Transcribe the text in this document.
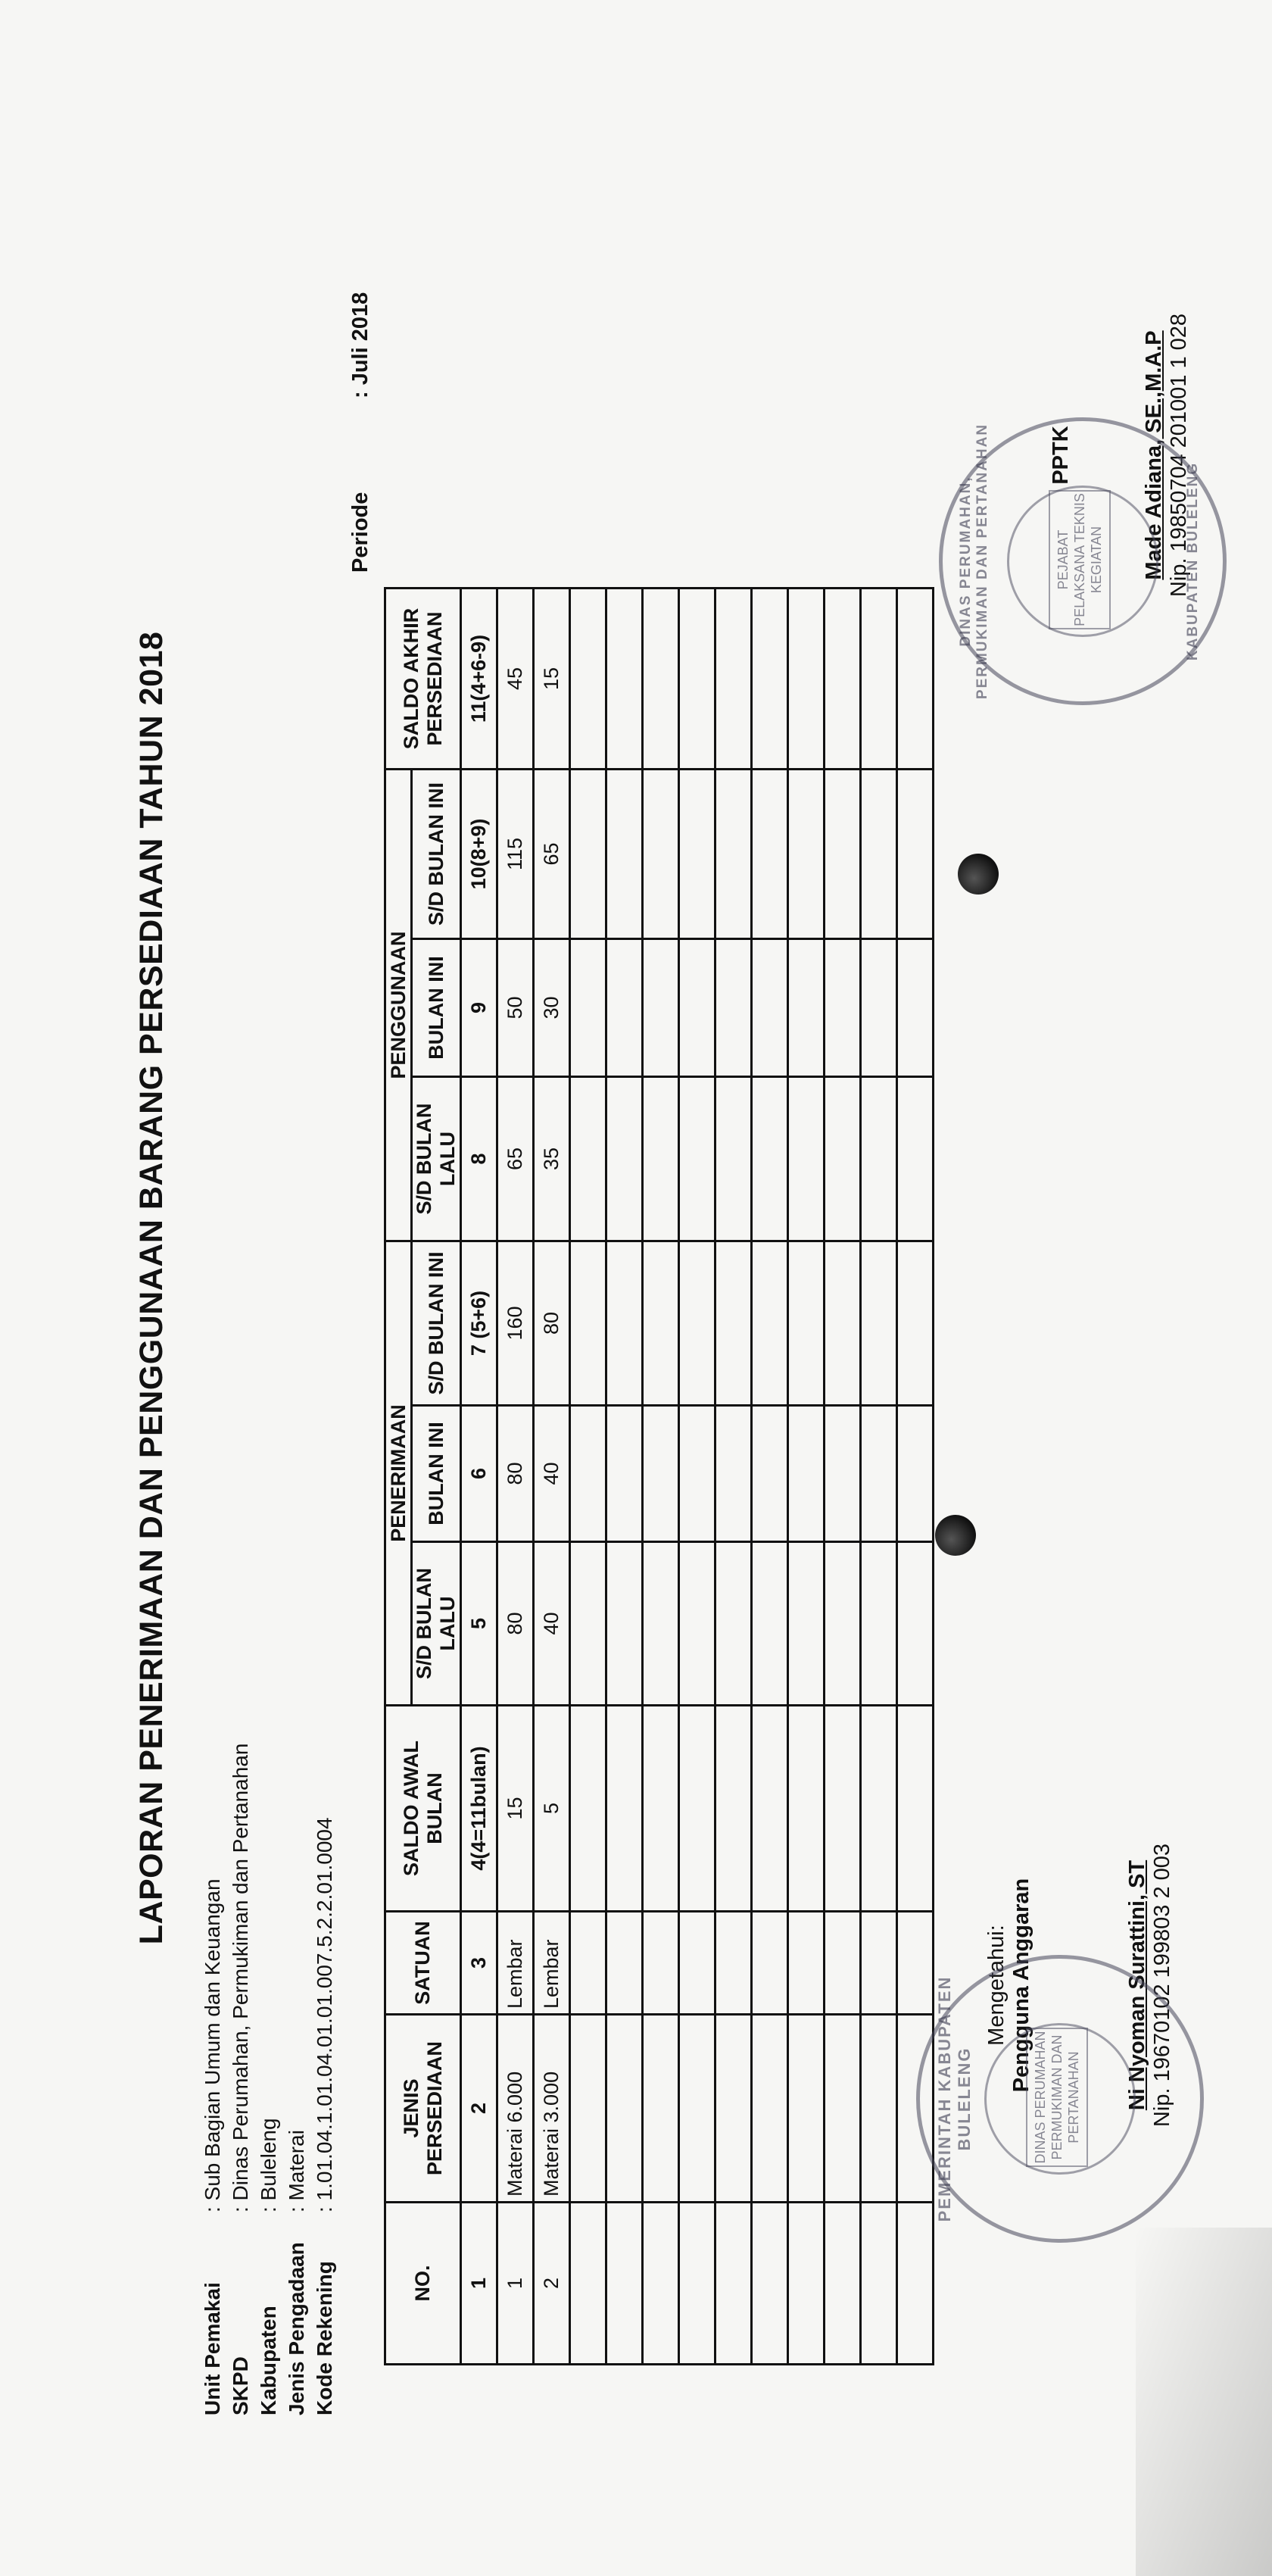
LAPORAN PENERIMAAN DAN PENGGUNAAN BARANG PERSEDIAAN TAHUN 2018
Unit Pemakai
: Sub Bagian Umum dan Keuangan
SKPD
: Dinas Perumahan, Permukiman dan Pertanahan
Kabupaten
: Buleleng
Jenis Pengadaan
: Materai
Kode Rekening
: 1.01.04.1.01.04.01.01.007.5.2.2.01.0004
Periode
: Juli 2018
NO.	JENIS PERSEDIAAN	SATUAN	SALDO AWAL BULAN	PENERIMAAN			PENGGUNAAN			SALDO AKHIR PERSEDIAAN
				S/D BULAN LALU	BULAN INI	S/D BULAN INI	S/D BULAN LALU	BULAN INI	S/D BULAN INI	
1	2	3	4(4=11bulan)	5	6	7 (5+6)	8	9	10(8+9)	11(4+6-9)
1	Materai 6.000	Lembar	15	80	80	160	65	50	115	45
2	Materai 3.000	Lembar	5	40	40	80	35	30	65	15

Mengetahui: Pengguna Anggaran	Ni Nyoman Surattini, ST Nip. 19670102 199803 2 003
PEMERINTAH KABUPATEN BULELENG	DINAS PERUMAHAN PERMUKIMAN DAN PERTANAHAN
PPTK	Made Adiana, SE.,M.A.P Nip. 19850704 201001 1 028
DINAS PERUMAHAN, PERMUKIMAN DAN PERTANAHAN	PEJABAT PELAKSANA TEKNIS KEGIATAN	KABUPATEN BULELENG
